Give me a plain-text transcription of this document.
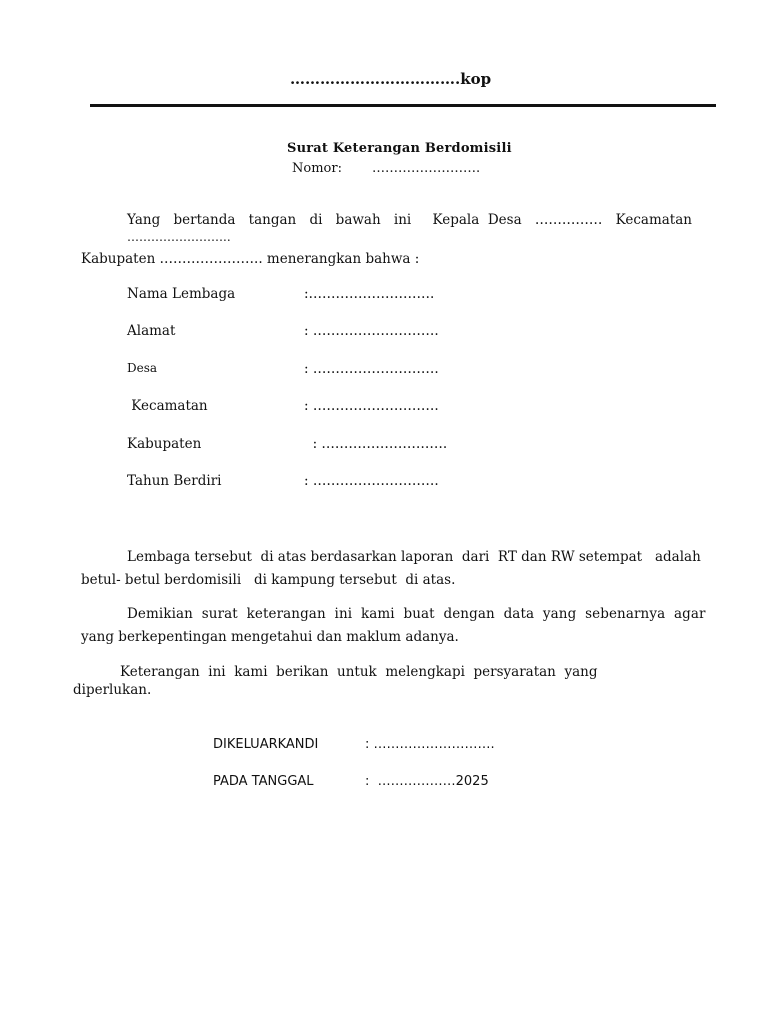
…………………………….kop
Surat Keterangan Berdomisili
Nomor: …………………….
Yang bertanda tangan di bawah ini Kepala Desa …………… Kecamatan
……………………..
Kabupaten ………………….. menerangkan bahwa :
Nama Lembaga	:……………………….
Alamat	: ……………………….
Desa	: ……………………….
Kecamatan	: ……………………….
Kabupaten	: ……………………….
Tahun Berdiri	: ……………………….
Lembaga tersebut  di atas berdasarkan laporan  dari  RT dan RW setempat   adalah
betul- betul berdomisili   di kampung tersebut  di atas.
Demikian  surat  keterangan  ini  kami  buat  dengan  data  yang  sebenarnya  agar
yang berkepentingan mengetahui dan maklum adanya.
Keterangan  ini  kami  berikan  untuk  melengkapi  persyaratan  yang
diperlukan.
DIKELUARKANDI	: ……………………….
PADA TANGGAL	:  ………………2025
